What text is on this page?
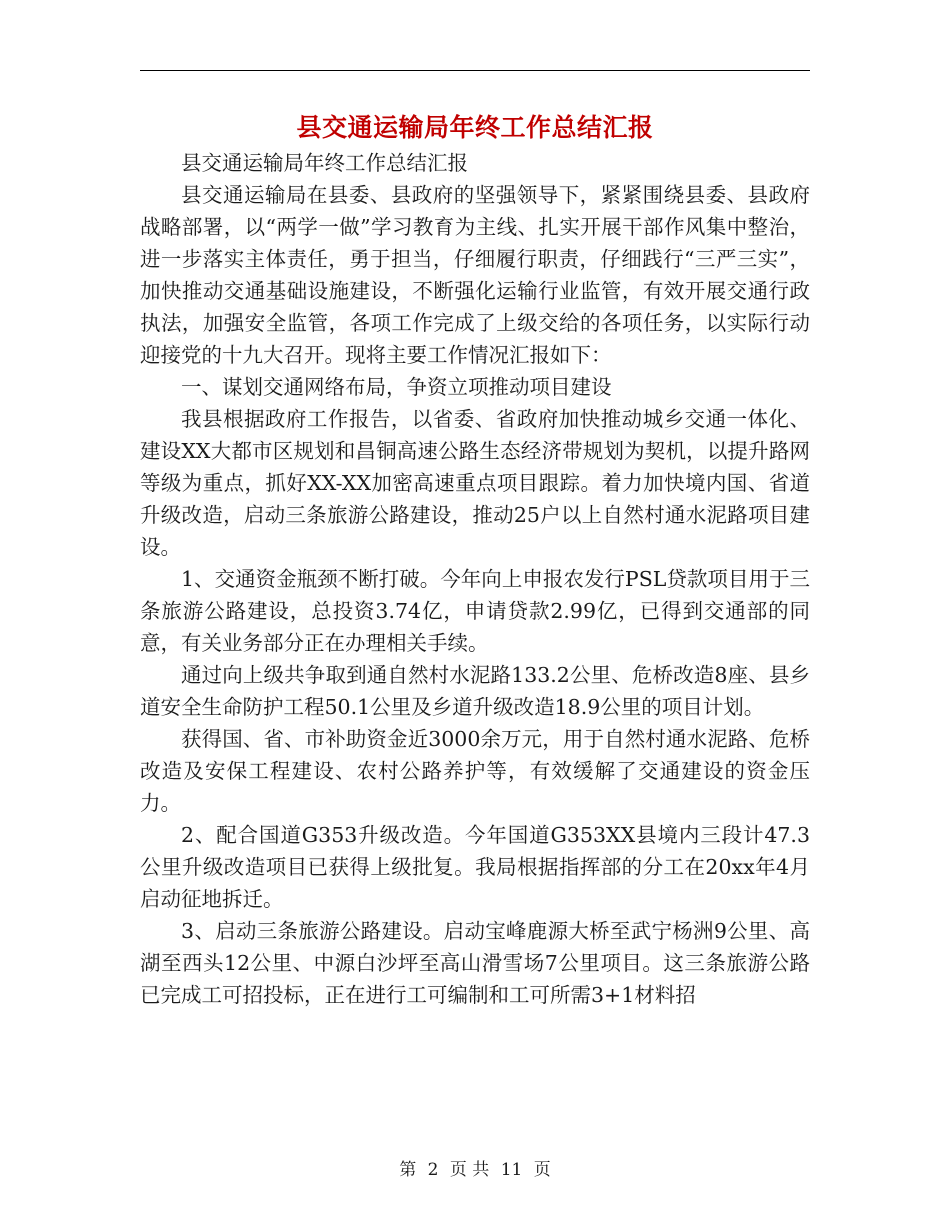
县交通运输局年终工作总结汇报

县交通运输局年终工作总结汇报

县交通运输局在县委、县政府的坚强领导下，紧紧围绕县委、县政府战略部署，以“两学一做”学习教育为主线、扎实开展干部作风集中整治，进一步落实主体责任，勇于担当，仔细履行职责，仔细践行“三严三实”，加快推动交通基础设施建设，不断强化运输行业监管，有效开展交通行政执法，加强安全监管，各项工作完成了上级交给的各项任务，以实际行动迎接党的十九大召开。现将主要工作情况汇报如下：

一、谋划交通网络布局，争资立项推动项目建设

我县根据政府工作报告，以省委、省政府加快推动城乡交通一体化、建设XX大都市区规划和昌铜高速公路生态经济带规划为契机，以提升路网等级为重点，抓好XX-XX加密高速重点项目跟踪。着力加快境内国、省道升级改造，启动三条旅游公路建设，推动25户以上自然村通水泥路项目建设。

1、交通资金瓶颈不断打破。今年向上申报农发行PSL贷款项目用于三条旅游公路建设，总投资3.74亿，申请贷款2.99亿，已得到交通部的同意，有关业务部分正在办理相关手续。

通过向上级共争取到通自然村水泥路133.2公里、危桥改造8座、县乡道安全生命防护工程50.1公里及乡道升级改造18.9公里的项目计划。

获得国、省、市补助资金近3000余万元，用于自然村通水泥路、危桥改造及安保工程建设、农村公路养护等，有效缓解了交通建设的资金压力。

2、配合国道G353升级改造。今年国道G353XX县境内三段计47.3公里升级改造项目已获得上级批复。我局根据指挥部的分工在20xx年4月启动征地拆迁。

3、启动三条旅游公路建设。启动宝峰鹿源大桥至武宁杨洲9公里、高湖至西头12公里、中源白沙坪至高山滑雪场7公里项目。这三条旅游公路已完成工可招投标，正在进行工可编制和工可所需3+1材料招

第 2 页 共 11 页
